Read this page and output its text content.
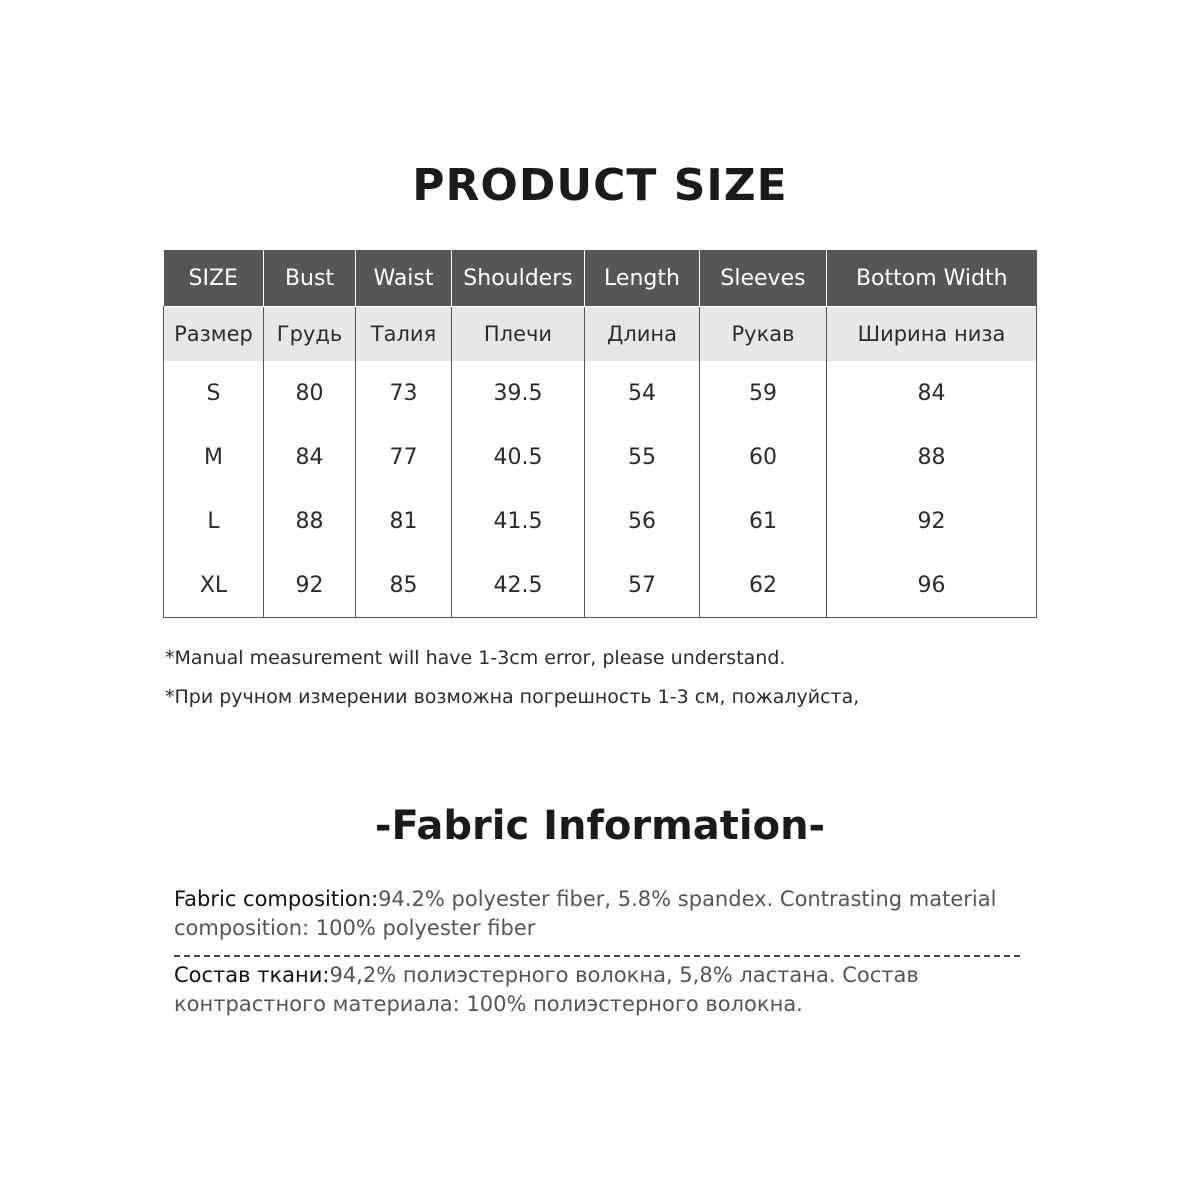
PRODUCT SIZE
SIZE	Bust	Waist	Shoulders	Length	Sleeves	Bottom Width
Размер	Грудь	Талия	Плечи	Длина	Рукав	Ширина низа
S	80	73	39.5	54	59	84
M	84	77	40.5	55	60	88
L	88	81	41.5	56	61	92
XL	92	85	42.5	57	62	96
*Manual measurement will have 1-3cm error, please understand.
*При ручном измерении возможна погрешность 1-3 см, пожалуйста,
-Fabric Information-
Fabric composition:94.2% polyester fiber, 5.8% spandex. Contrasting material composition: 100% polyester fiber
Состав ткани:94,2% полиэстерного волокна, 5,8% ластана. Состав контрастного материала: 100% полиэстерного волокна.
